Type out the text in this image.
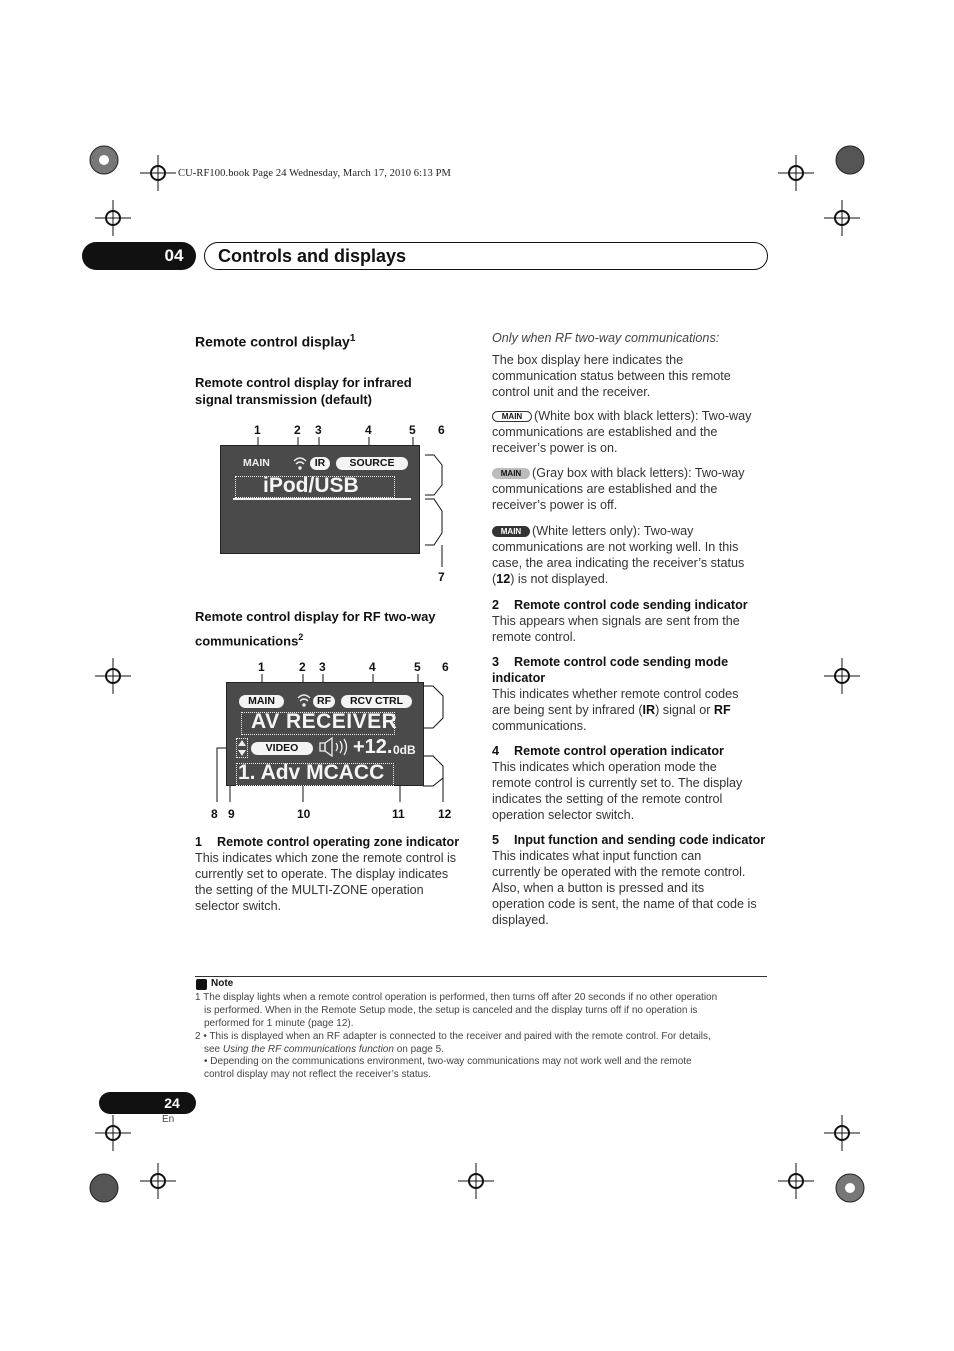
CU-RF100.book Page 24 Wednesday, March 17, 2010 6:13 PM
04	Controls and displays
Remote control display$^1$

Remote control display for infrared
signal transmission (default)

1	2 3	4	5 6
7
MAIN	IR	SOURCE
iPod/USB

Remote control display for RF two-way
communications$^2$

1	2 3	4	5 6
8 9	10	11	12
MAIN	RF	RCV CTRL
AV RECEIVER
VIDEO	+12. 0dB
1. Adv MCACC

1 Remote control operating zone indicator

This indicates which zone the remote control is
currently set to operate. The display indicates
the setting of the MULTI-ZONE operation
selector switch.

Only when RF two-way communications:

The box display here indicates the
communication status between this remote
control unit and the receiver.

MAIN (White box with black letters): Two-way
communications are established and the
receiver’s power is on.

MAIN (Gray box with black letters): Two-way
communications are established and the
receiver’s power is off.

MAIN (White letters only): Two-way
communications are not working well. In this
case, the area indicating the receiver’s status
(12) is not displayed.

2 Remote control code sending indicator

This appears when signals are sent from the
remote control.

3 Remote control code sending mode
indicator

This indicates whether remote control codes
are being sent by infrared (IR) signal or RF
communications.

4 Remote control operation indicator

This indicates which operation mode the
remote control is currently set to. The display
indicates the setting of the remote control
operation selector switch.

5 Input function and sending code indicator

This indicates what input function can
currently be operated with the remote control.
Also, when a button is pressed and its
operation code is sent, the name of that code is
displayed.

Note
1 The display lights when a remote control operation is performed, then turns off after 20 seconds if no other operation
is performed. When in the Remote Setup mode, the setup is canceled and the display turns off if no operation is
performed for 1 minute (page 12).
2 • This is displayed when an RF adapter is connected to the receiver and paired with the remote control. For details,
see Using the RF communications function on page 5.
• Depending on the communications environment, two-way communications may not work well and the remote
control display may not reflect the receiver’s status.
24
En
